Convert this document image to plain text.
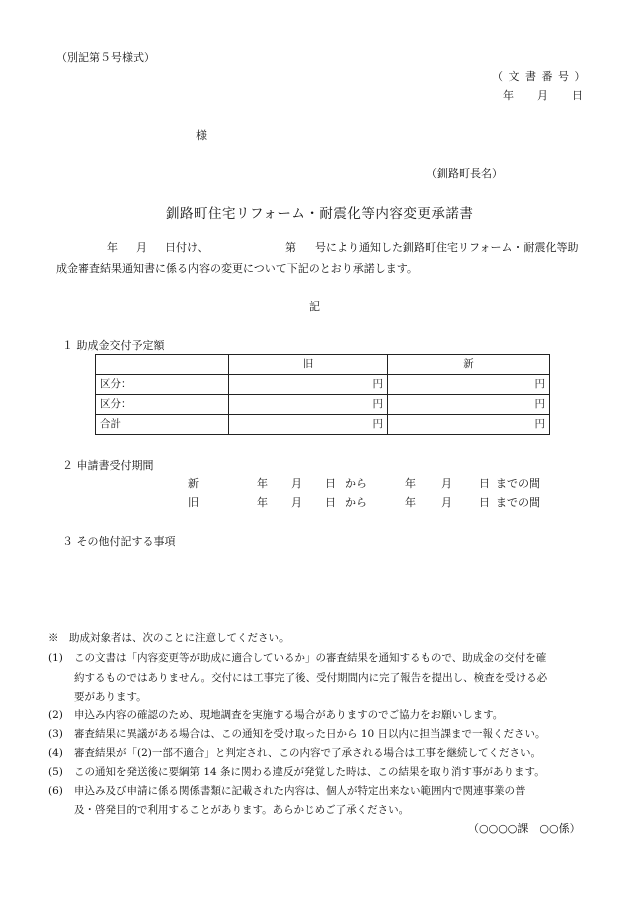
（別記第５号様式）
（ 文 書 番 号 ）
年 月 日
様
（釧路町長名）
釧路町住宅リフォーム・耐震化等内容変更承諾書
年 月 日付け、	第 号により通知した釧路町住宅リフォーム・耐震化等助
成金審査結果通知書に係る内容の変更について下記のとおり承諾します。
記
１ 助成金交付予定額
	旧	新
区分：	円	円
区分：	円	円
合計	円	円
２ 申請書受付期間
新	年 月 日 から	年 月 日 までの間
旧	年 月 日 から	年 月 日 までの間
３ その他付記する事項
※　助成対象者は、次のことに注意してください。
(1) この文書は「内容変更等が助成に適合しているか」の審査結果を通知するもので、助成金の交付を確
約するものではありません。交付には工事完了後、受付期間内に完了報告を提出し、検査を受ける必
要があります。
(2) 申込み内容の確認のため、現地調査を実施する場合がありますのでご協力をお願いします。
(3) 審査結果に異議がある場合は、この通知を受け取った日から 10 日以内に担当課まで一報ください。
(4) 審査結果が「(2)一部不適合」と判定され、この内容で了承される場合は工事を継続してください。
(5) この通知を発送後に要綱第 14 条に関わる違反が発覚した時は、この結果を取り消す事があります。
(6) 申込み及び申請に係る関係書類に記載された内容は、個人が特定出来ない範囲内で関連事業の普
及・啓発目的で利用することがあります。あらかじめご了承ください。
（○○○○課　○○係）
